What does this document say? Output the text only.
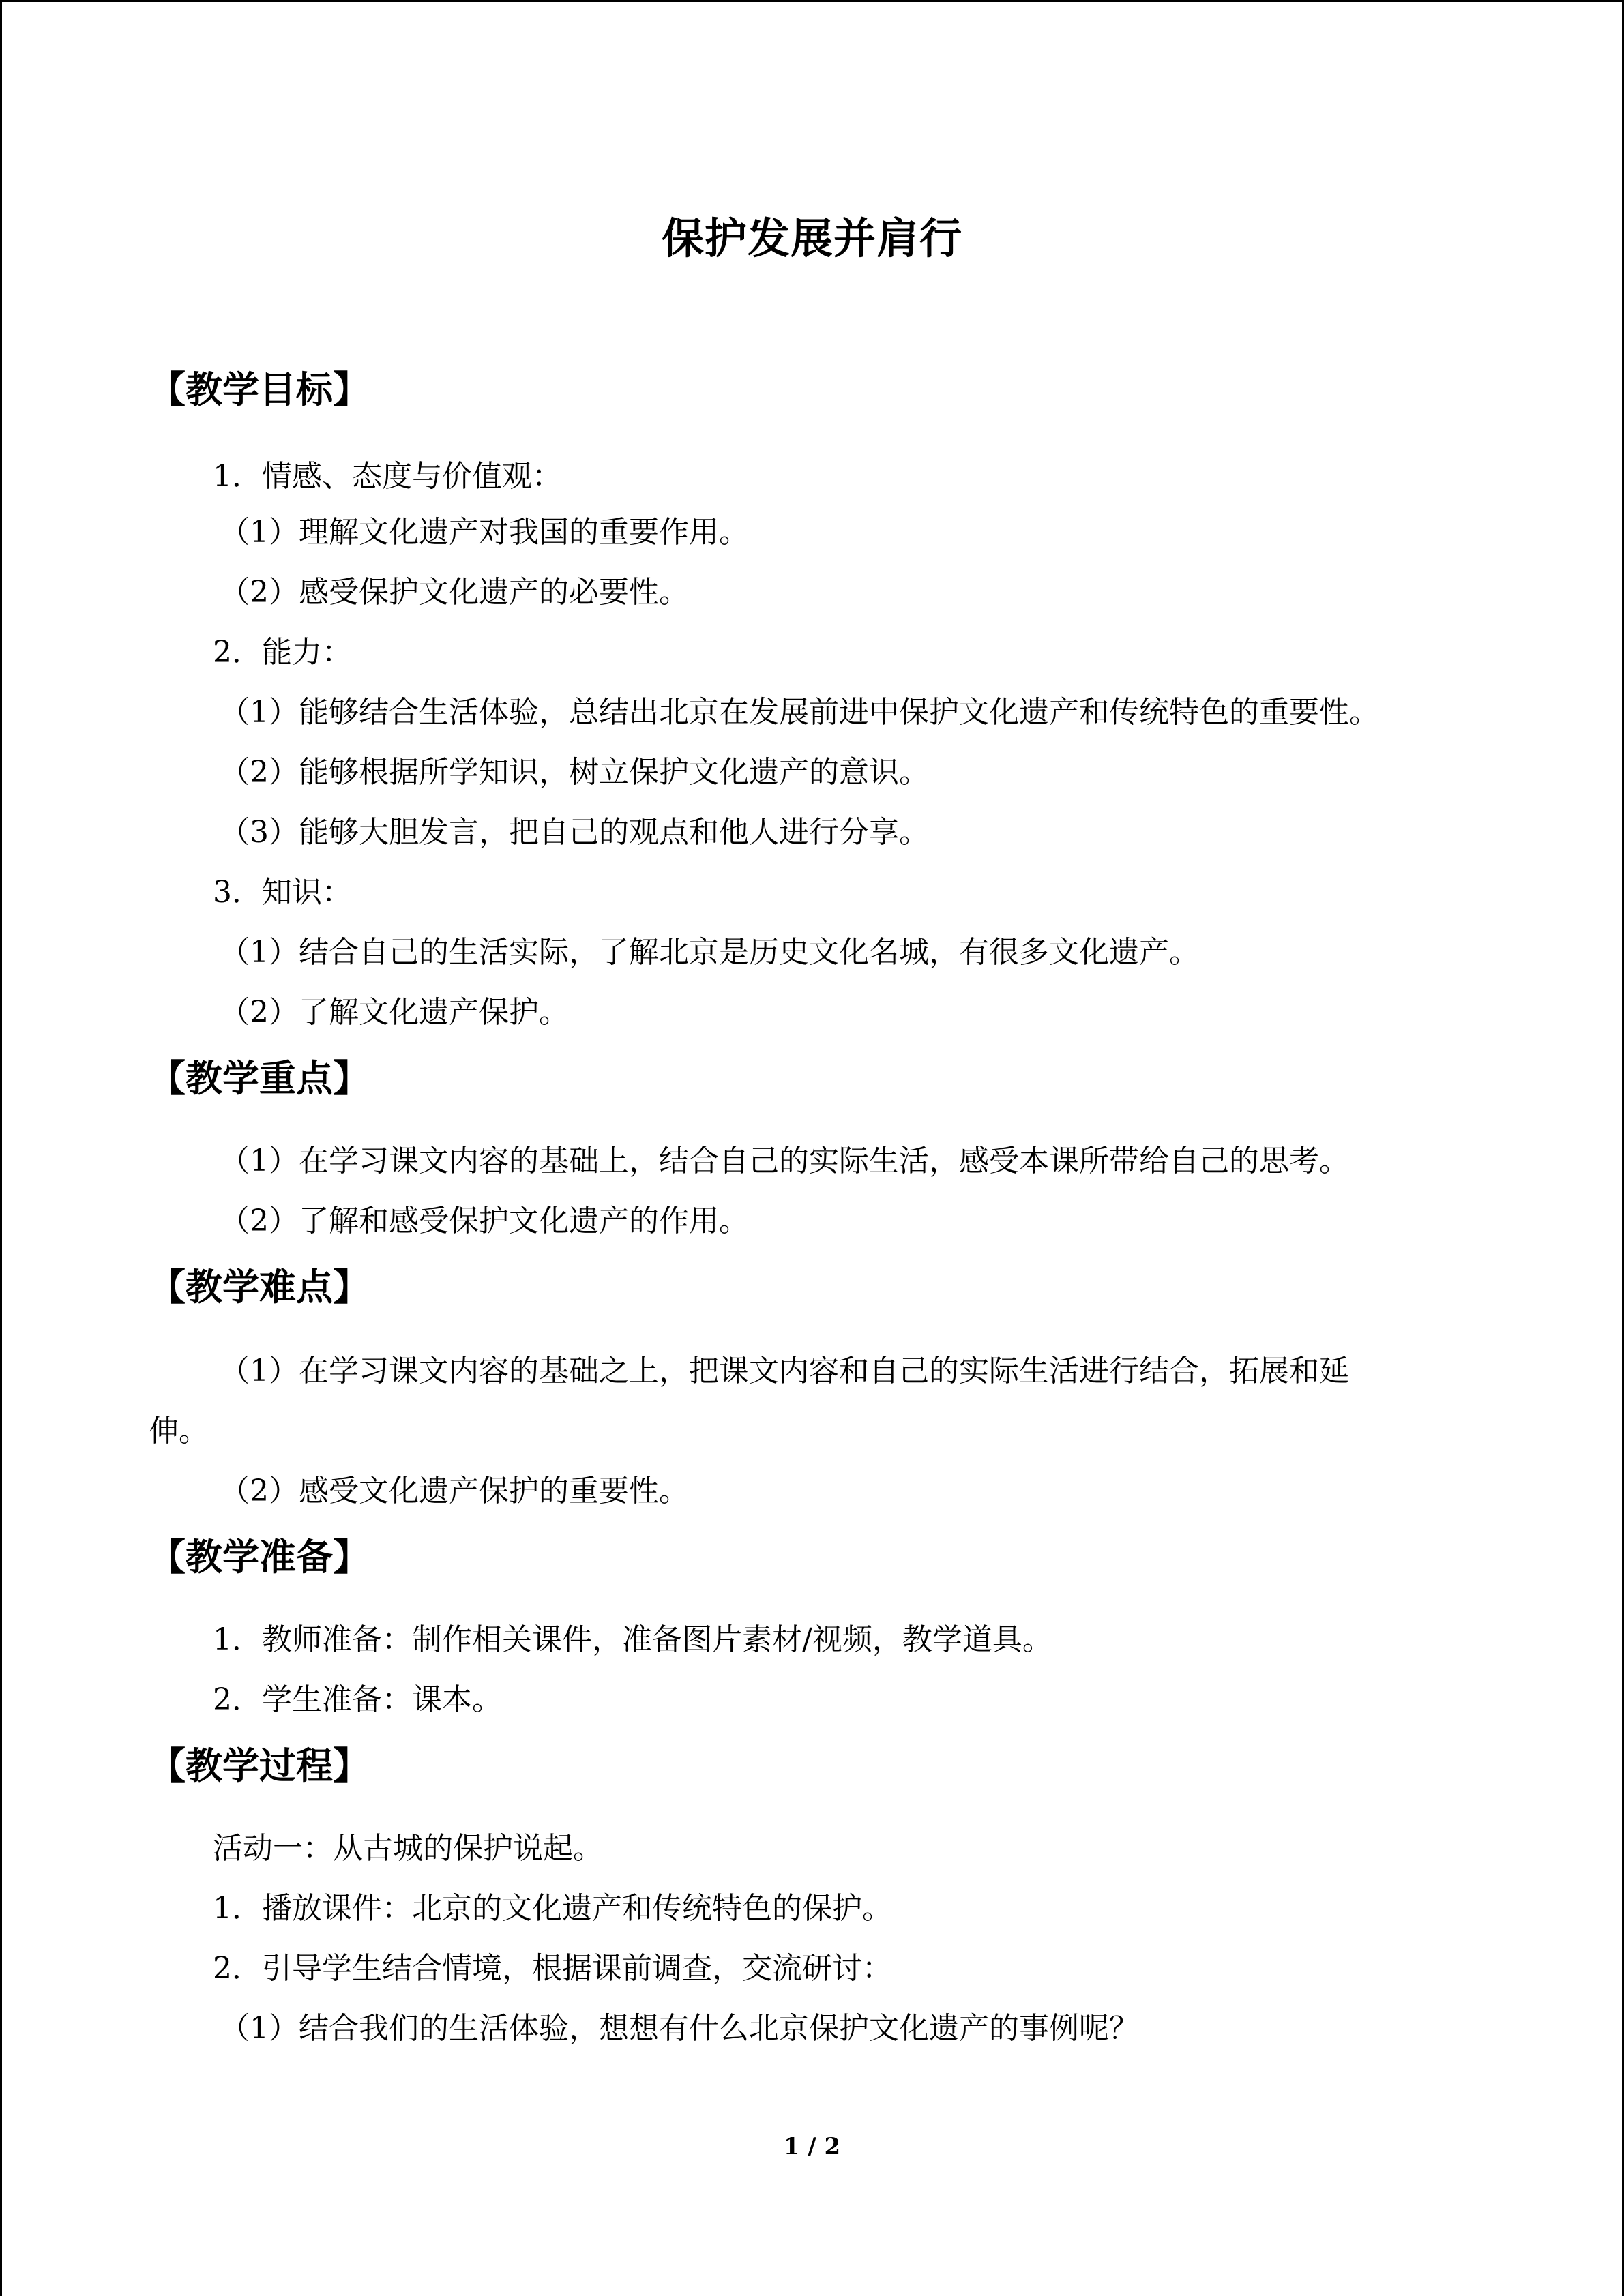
保护发展并肩行
【教学目标】
1．情感、态度与价值观：
（1）理解文化遗产对我国的重要作用。
（2）感受保护文化遗产的必要性。
2．能力：
（1）能够结合生活体验，总结出北京在发展前进中保护文化遗产和传统特色的重要性。
（2）能够根据所学知识，树立保护文化遗产的意识。
（3）能够大胆发言，把自己的观点和他人进行分享。
3．知识：
（1）结合自己的生活实际，了解北京是历史文化名城，有很多文化遗产。
（2）了解文化遗产保护。
【教学重点】
（1）在学习课文内容的基础上，结合自己的实际生活，感受本课所带给自己的思考。
（2）了解和感受保护文化遗产的作用。
【教学难点】
（1）在学习课文内容的基础之上，把课文内容和自己的实际生活进行结合，拓展和延
伸。
（2）感受文化遗产保护的重要性。
【教学准备】
1．教师准备：制作相关课件，准备图片素材/视频，教学道具。
2．学生准备：课本。
【教学过程】
活动一：从古城的保护说起。
1．播放课件：北京的文化遗产和传统特色的保护。
2．引导学生结合情境，根据课前调查，交流研讨：
（1）结合我们的生活体验，想想有什么北京保护文化遗产的事例呢？
1 / 2
